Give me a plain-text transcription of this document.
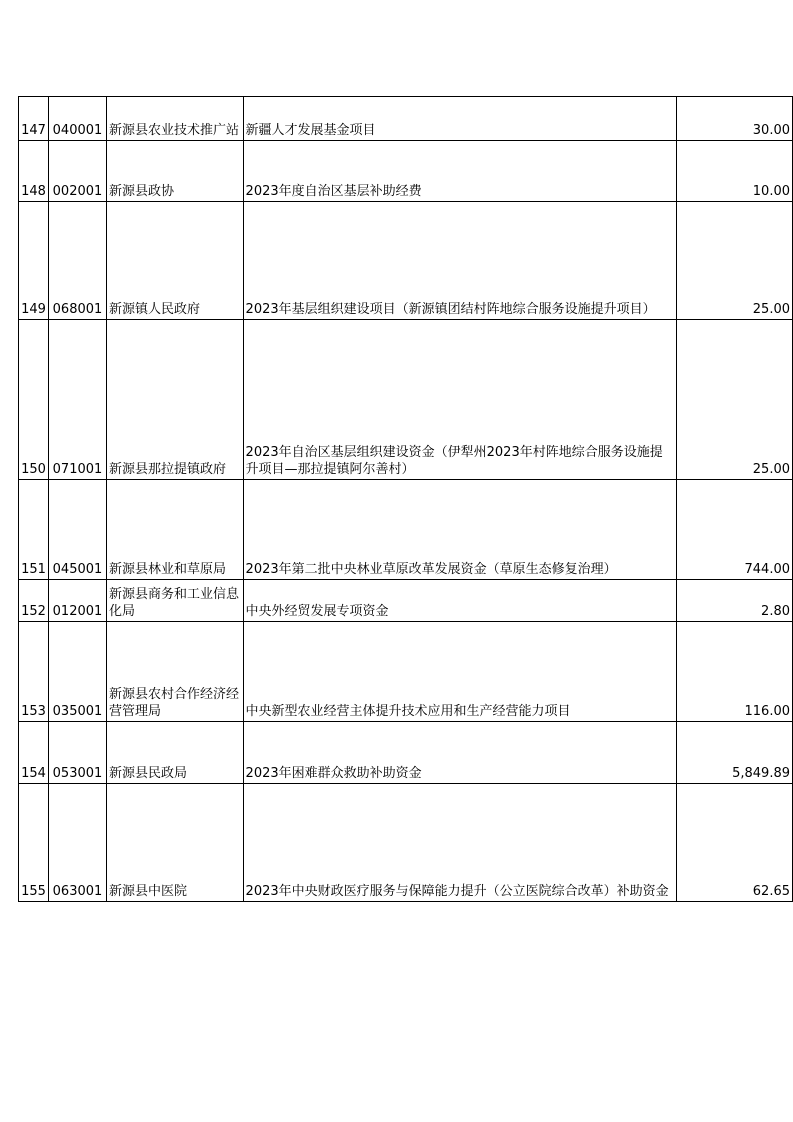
147	040001	新源县农业技术推广站	新疆人才发展基金项目	30.00
148	002001	新源县政协	2023年度自治区基层补助经费	10.00
149	068001	新源镇人民政府	2023年基层组织建设项目（新源镇团结村阵地综合服务设施提升项目）	25.00
150	071001	新源县那拉提镇政府	2023年自治区基层组织建设资金（伊犁州2023年村阵地综合服务设施提升项目—那拉提镇阿尔善村）	25.00
151	045001	新源县林业和草原局	2023年第二批中央林业草原改革发展资金（草原生态修复治理）	744.00
152	012001	新源县商务和工业信息化局	中央外经贸发展专项资金	2.80
153	035001	新源县农村合作经济经营管理局	中央新型农业经营主体提升技术应用和生产经营能力项目	116.00
154	053001	新源县民政局	2023年困难群众救助补助资金	5,849.89
155	063001	新源县中医院	2023年中央财政医疗服务与保障能力提升（公立医院综合改革）补助资金	62.65
